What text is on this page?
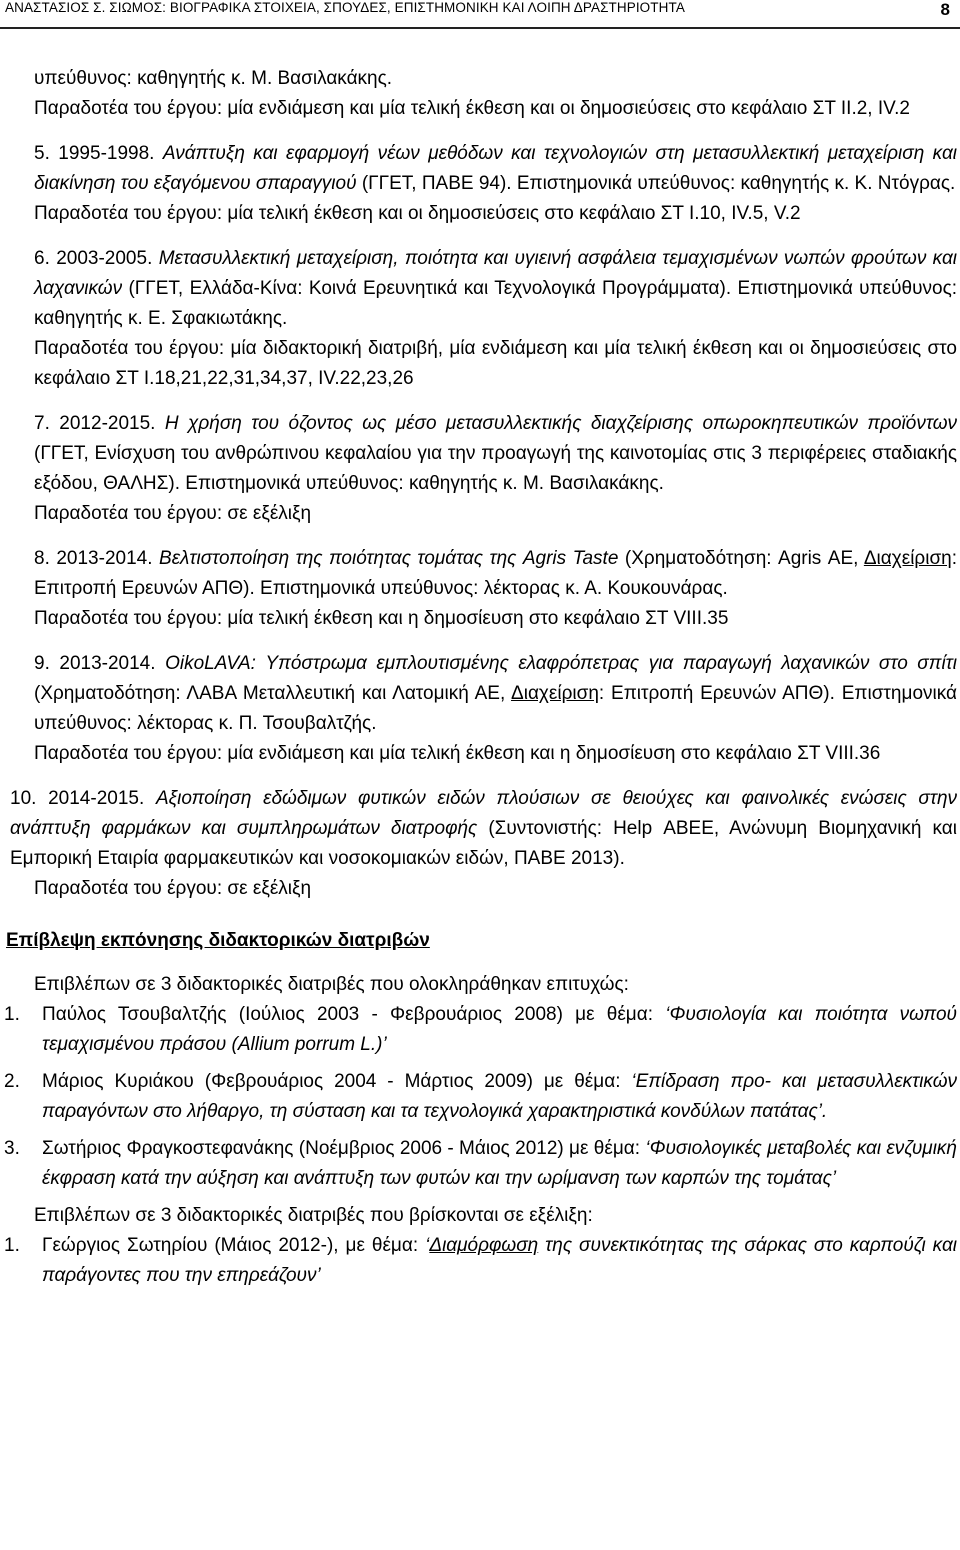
ΑΝΑΣΤΑΣΙΟΣ Σ. ΣΙΩΜΟΣ: ΒΙΟΓΡΑΦΙΚΑ ΣΤΟΙΧΕΙΑ, ΣΠΟΥΔΕΣ, ΕΠΙΣΤΗΜΟΝΙΚΗ ΚΑΙ ΛΟΙΠΗ ΔΡΑΣΤΗΡΙΟΤΗΤΑ	8

υπεύθυνος: καθηγητής κ. Μ. Βασιλακάκης.

Παραδοτέα του έργου: μία ενδιάμεση και μία τελική έκθεση και οι δημοσιεύσεις στο κεφάλαιο ΣΤ ΙΙ.2, IV.2

5. 1995-1998. Ανάπτυξη και εφαρμογή νέων μεθόδων και τεχνολογιών στη μετασυλλεκτική μεταχείριση και διακίνηση του εξαγόμενου σπαραγγιού (ΓΓΕΤ, ΠΑΒΕ 94). Επιστημονικά υπεύθυνος: καθηγητής κ. Κ. Ντόγρας.

Παραδοτέα του έργου: μία τελική έκθεση και οι δημοσιεύσεις στο κεφάλαιο ΣΤ Ι.10, IV.5, V.2

6. 2003-2005. Μετασυλλεκτική μεταχείριση, ποιότητα και υγιεινή ασφάλεια τεμαχισμένων νωπών φρούτων και λαχανικών (ΓΓΕΤ, Ελλάδα-Κίνα: Κοινά Ερευνητικά και Τεχνολογικά Προγράμματα). Επιστημονικά υπεύθυνος: καθηγητής κ. Ε. Σφακιωτάκης.

Παραδοτέα του έργου: μία διδακτορική διατριβή, μία ενδιάμεση και μία τελική έκθεση και οι δημοσιεύσεις στο κεφάλαιο ΣΤ Ι.18,21,22,31,34,37, IV.22,23,26

7. 2012-2015. Η χρήση του όζοντος ως μέσο μετασυλλεκτικής διαχζείρισης οπωροκηπευτικών προϊόντων (ΓΓΕΤ, Ενίσχυση του ανθρώπινου κεφαλαίου για την προαγωγή της καινοτομίας στις 3 περιφέρειες σταδιακής εξόδου, ΘΑΛΗΣ). Επιστημονικά υπεύθυνος: καθηγητής κ. Μ. Βασιλακάκης.

Παραδοτέα του έργου: σε εξέλιξη

8. 2013-2014. Βελτιστοποίηση της ποιότητας τομάτας της Agris Taste (Χρηματοδότηση: Agris ΑΕ, Διαχείριση: Επιτροπή Ερευνών ΑΠΘ). Επιστημονικά υπεύθυνος: λέκτορας κ. Α. Κουκουνάρας.

Παραδοτέα του έργου: μία τελική έκθεση και η δημοσίευση στο κεφάλαιο ΣΤ VIII.35

9. 2013-2014. OikoLAVA: Υπόστρωμα εμπλουτισμένης ελαφρόπετρας για παραγωγή λαχανικών στο σπίτι (Χρηματοδότηση: ΛΑΒΑ Μεταλλευτική και Λατομική ΑΕ, Διαχείριση: Επιτροπή Ερευνών ΑΠΘ). Επιστημονικά υπεύθυνος: λέκτορας κ. Π. Τσουβαλτζής.

Παραδοτέα του έργου: μία ενδιάμεση και μία τελική έκθεση και η δημοσίευση στο κεφάλαιο ΣΤ VIII.36

10. 2014-2015. Αξιοποίηση εδώδιμων φυτικών ειδών πλούσιων σε θειούχες και φαινολικές ενώσεις στην ανάπτυξη φαρμάκων και συμπληρωμάτων διατροφής (Συντονιστής: Help ΑΒΕΕ, Ανώνυμη Βιομηχανική και Εμπορική Εταιρία φαρμακευτικών και νοσοκομιακών ειδών, ΠΑΒΕ 2013).

Παραδοτέα του έργου: σε εξέλιξη

Επίβλεψη εκπόνησης διδακτορικών διατριβών

Επιβλέπων σε 3 διδακτορικές διατριβές που ολοκληράθηκαν επιτυχώς:

1.	Παύλος Τσουβαλτζής (Ιούλιος 2003 - Φεβρουάριος 2008) με θέμα: ‘Φυσιολογία και ποιότητα νωπού τεμαχισμένου πράσου (Allium porrum L.)’

2.	Μάριος Κυριάκου (Φεβρουάριος 2004 - Μάρτιος 2009) με θέμα: ‘Επίδραση προ- και μετασυλλεκτικών παραγόντων στο λήθαργο, τη σύσταση και τα τεχνολογικά χαρακτηριστικά κονδύλων πατάτας’.

3.	Σωτήριος Φραγκοστεφανάκης (Νοέμβριος 2006 - Μάιος 2012) με θέμα: ‘Φυσιολογικές μεταβολές και ενζυμική έκφραση κατά την αύξηση και ανάπτυξη των φυτών και την ωρίμανση των καρπών της τομάτας’

Επιβλέπων σε 3 διδακτορικές διατριβές που βρίσκονται σε εξέλιξη:

1.	Γεώργιος Σωτηρίου (Μάιος 2012-), με θέμα: ‘Διαμόρφωση της συνεκτικότητας της σάρκας στο καρπούζι και παράγοντες που την επηρεάζουν’
